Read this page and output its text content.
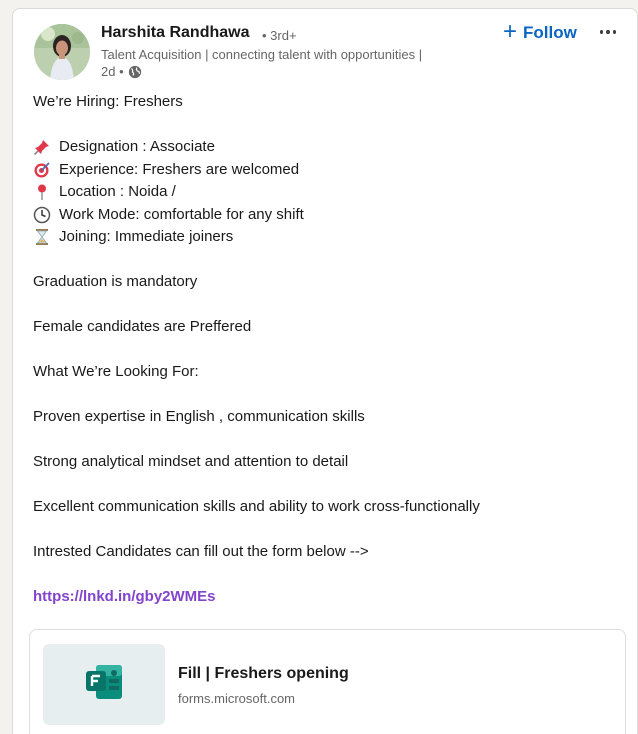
Harshita Randhawa • 3rd+
Talent Acquisition | connecting talent with opportunities |
2d •
+ Follow
We’re Hiring: Freshers
Designation : Associate
Experience: Freshers are welcomed
Location : Noida /
Work Mode: comfortable for any shift
Joining: Immediate joiners
Graduation is mandatory
Female candidates are Preffered
What We’re Looking For:
Proven expertise in English , communication skills
Strong analytical mindset and attention to detail
Excellent communication skills and ability to work cross-functionally
Intrested Candidates can fill out the form below -->
https://lnkd.in/gby2WMEs
Fill | Freshers opening
forms.microsoft.com
